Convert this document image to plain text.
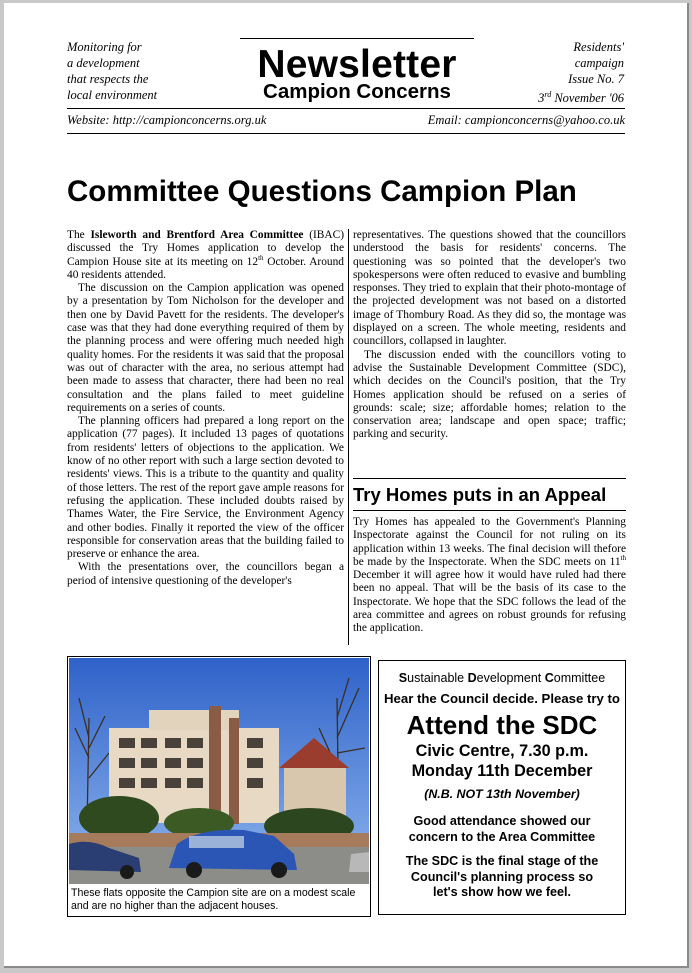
Monitoring for
a development
that respects the
local environment
Newsletter
Campion Concerns
Residents'
campaign
Issue No. 7
3rd November '06
Website: http://campionconcerns.org.uk	Email: campionconcerns@yahoo.co.uk
Committee Questions Campion Plan

The Isleworth and Brentford Area Committee (IBAC) discussed the Try Homes application to develop the Campion House site at its meeting on 12th October. Around 40 residents attended.

The discussion on the Campion application was opened by a presentation by Tom Nicholson for the developer and then one by David Pavett for the residents. The developer's case was that they had done everything required of them by the planning process and were offering much needed high quality homes. For the residents it was said that the proposal was out of character with the area, no serious attempt had been made to assess that character, there had been no real consultation and the plans failed to meet guideline requirements on a series of counts.

The planning officers had prepared a long report on the application (77 pages). It included 13 pages of quotations from residents' letters of objections to the application. We know of no other report with such a large section devoted to residents' views. This is a tribute to the quantity and quality of those letters. The rest of the report gave ample reasons for refusing the application. These included doubts raised by Thames Water, the Fire Service, the Environment Agency and other bodies. Finally it reported the view of the officer responsible for conservation areas that the building failed to preserve or enhance the area.

With the presentations over, the councillors began a period of intensive questioning of the developer's

representatives. The questions showed that the councillors understood the basis for residents' concerns. The questioning was so pointed that the developer's two spokespersons were often reduced to evasive and bumbling responses. They tried to explain that their photo-montage of the projected development was not based on a distorted image of Thombury Road. As they did so, the montage was displayed on a screen. The whole meeting, residents and councillors, collapsed in laughter.

The discussion ended with the councillors voting to advise the Sustainable Development Committee (SDC), which decides on the Council's position, that the Try Homes application should be refused on a series of grounds: scale; size; affordable homes; relation to the conservation area; landscape and open space; traffic; parking and security.

Try Homes puts in an Appeal

Try Homes has appealed to the Government's Planning Inspectorate against the Council for not ruling on its application within 13 weeks. The final decision will thefore be made by the Inspectorate. When the SDC meets on 11th December it will agree how it would have ruled had there been no appeal. That will be the basis of its case to the Inspectorate. We hope that the SDC follows the lead of the area committee and agrees on robust grounds for refusing the application.

These flats opposite the Campion site are on a modest scale and are no higher than the adjacent houses.
Sustainable Development Committee
Hear the Council decide. Please try to
Attend the SDC
Civic Centre, 7.30 p.m.
Monday 11th December
(N.B. NOT 13th November)
Good attendance showed our
concern to the Area Committee
The SDC is the final stage of the
Council's planning process so
let's show how we feel.
